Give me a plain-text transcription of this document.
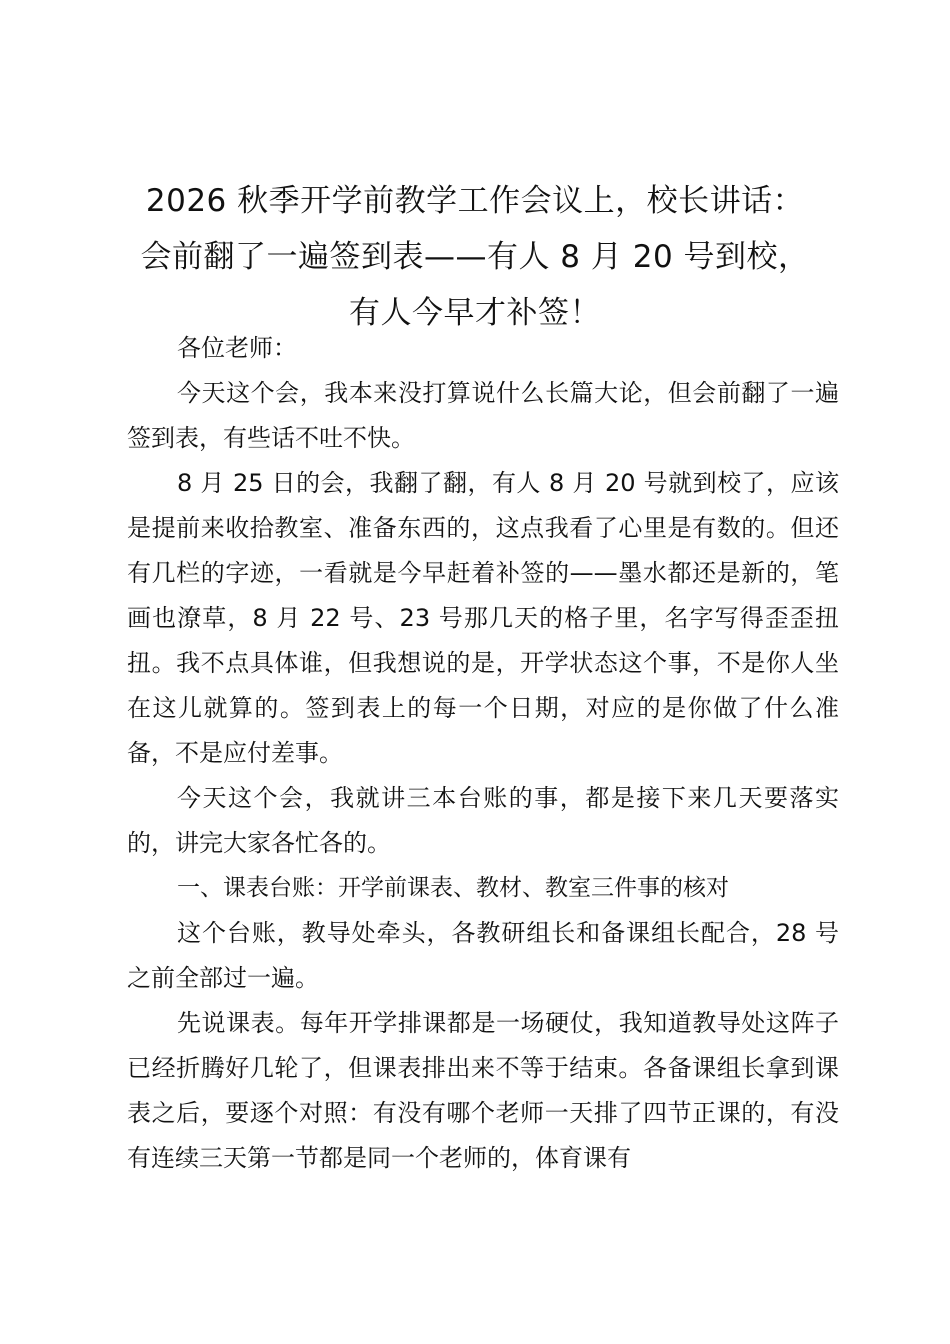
2026 秋季开学前教学工作会议上，校长讲话：
会前翻了一遍签到表——有人 8 月 20 号到校，
有人今早才补签！

各位老师：

今天这个会，我本来没打算说什么长篇大论，但会前翻了一遍签到表，有些话不吐不快。

8 月 25 日的会，我翻了翻，有人 8 月 20 号就到校了，应该是提前来收拾教室、准备东西的，这点我看了心里是有数的。但还有几栏的字迹，一看就是今早赶着补签的——墨水都还是新的，笔画也潦草，8 月 22 号、23 号那几天的格子里，名字写得歪歪扭扭。我不点具体谁，但我想说的是，开学状态这个事，不是你人坐在这儿就算的。签到表上的每一个日期，对应的是你做了什么准备，不是应付差事。

今天这个会，我就讲三本台账的事，都是接下来几天要落实的，讲完大家各忙各的。

一、课表台账：开学前课表、教材、教室三件事的核对

这个台账，教导处牵头，各教研组长和备课组长配合，28 号之前全部过一遍。

先说课表。每年开学排课都是一场硬仗，我知道教导处这阵子已经折腾好几轮了，但课表排出来不等于结束。各备课组长拿到课表之后，要逐个对照：有没有哪个老师一天排了四节正课的，有没有连续三天第一节都是同一个老师的，体育课有
